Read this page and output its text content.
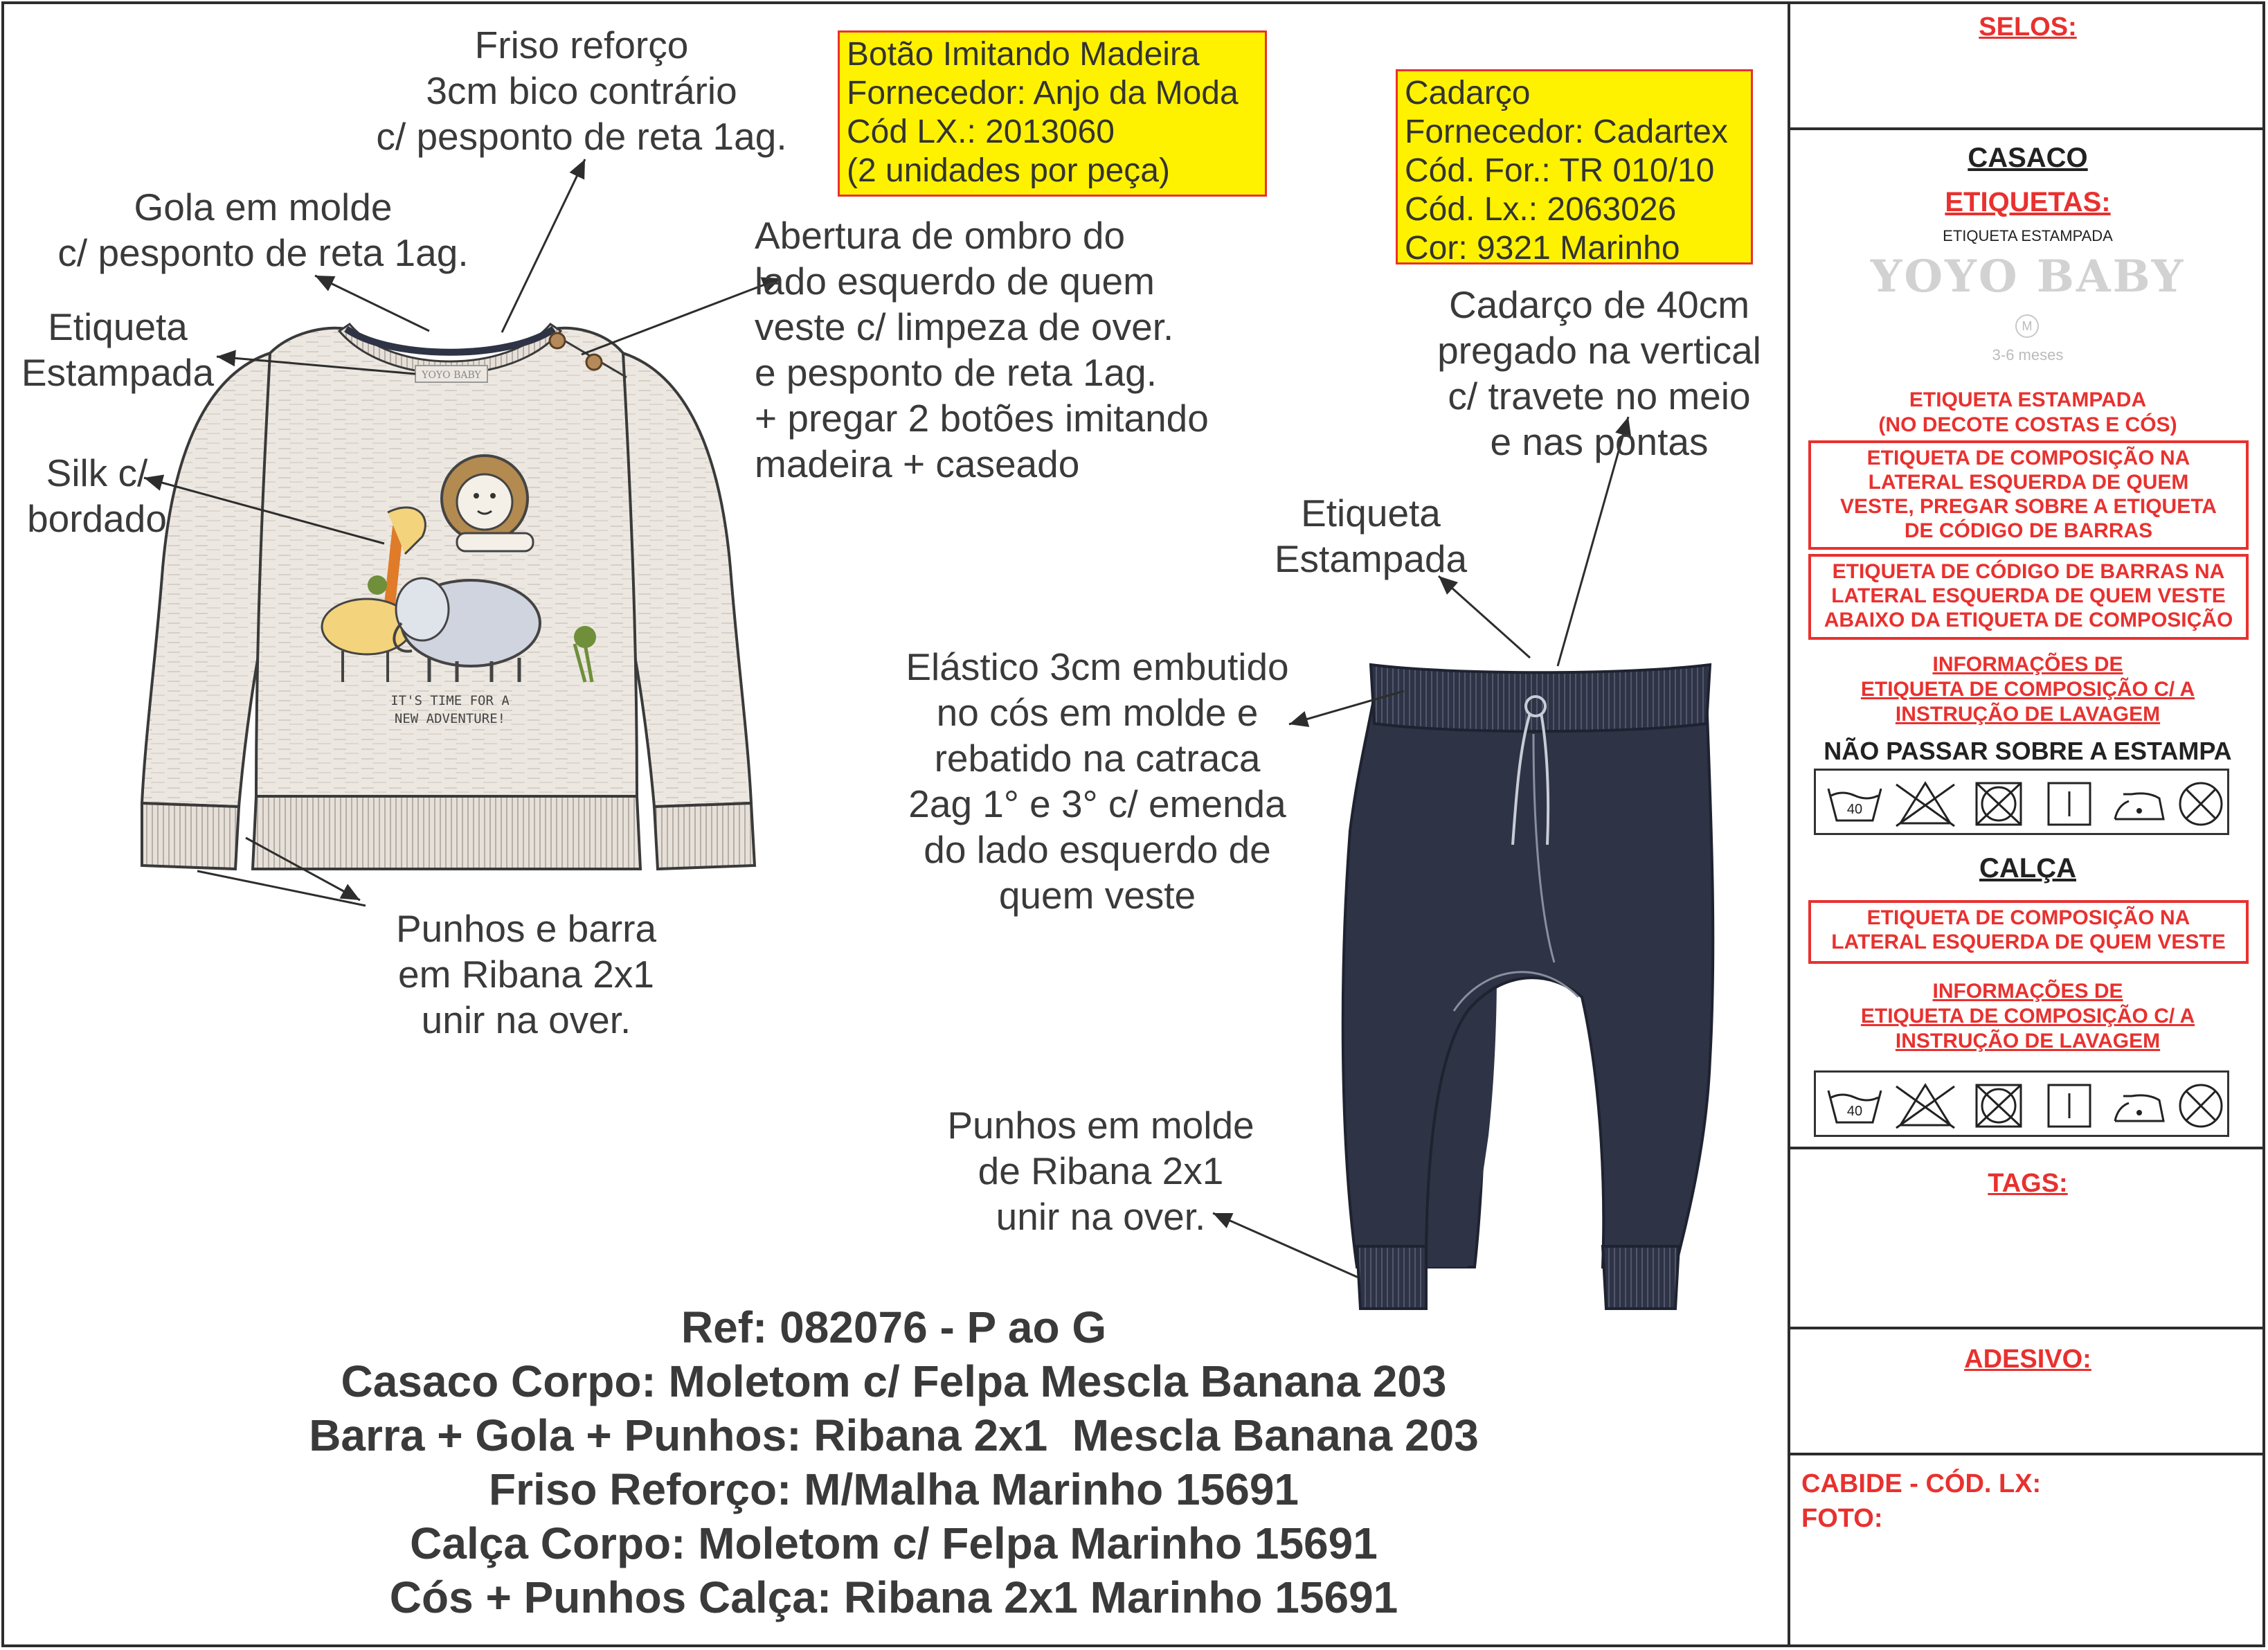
YOYO BABY
IT'S TIME FOR A
NEW ADVENTURE!
Friso reforço
3cm bico contrário
c/ pesponto de reta 1ag.
Gola em molde
c/ pesponto de reta 1ag.
Etiqueta
Estampada
Silk c/
bordado
Abertura de ombro do
lado esquerdo de quem
veste c/ limpeza de over.
e pesponto de reta 1ag.
+ pregar 2 botões imitando
madeira + caseado
Punhos e barra
em Ribana 2x1
unir na over.
Cadarço de 40cm
pregado na vertical
c/ travete no meio
e nas pontas
Etiqueta
Estampada
Elástico 3cm embutido
no cós em molde e
rebatido na catraca
2ag 1° e 3° c/ emenda
do lado esquerdo de
quem veste
Punhos em molde
de Ribana 2x1
unir na over.
Botão Imitando Madeira
Fornecedor: Anjo da Moda
Cód LX.: 2013060
(2 unidades por peça)
Cadarço
Fornecedor: Cadartex
Cód. For.: TR 010/10
Cód. Lx.: 2063026
Cor: 9321 Marinho
Ref: 082076 - P ao G
Casaco Corpo: Moletom c/ Felpa Mescla Banana 203
Barra + Gola + Punhos: Ribana 2x1  Mescla Banana 203
Friso Reforço: M/Malha Marinho 15691
Calça Corpo: Moletom c/ Felpa Marinho 15691
Cós + Punhos Calça: Ribana 2x1 Marinho 15691
SELOS:
CASACO
ETIQUETAS:
ETIQUETA ESTAMPADA
YOYO BABY
M
3-6 meses
ETIQUETA ESTAMPADA
(NO DECOTE COSTAS E CÓS)
ETIQUETA DE COMPOSIÇÃO NA
LATERAL ESQUERDA DE QUEM
VESTE, PREGAR SOBRE A ETIQUETA
DE CÓDIGO DE BARRAS
ETIQUETA DE CÓDIGO DE BARRAS NA
LATERAL ESQUERDA DE QUEM VESTE
ABAIXO DA ETIQUETA DE COMPOSIÇÃO
INFORMAÇÕES DE
ETIQUETA DE COMPOSIÇÃO C/ A
INSTRUÇÃO DE LAVAGEM
NÃO PASSAR SOBRE A ESTAMPA
40
CALÇA
ETIQUETA DE COMPOSIÇÃO NA
LATERAL ESQUERDA DE QUEM VESTE
INFORMAÇÕES DE
ETIQUETA DE COMPOSIÇÃO C/ A
INSTRUÇÃO DE LAVAGEM
40
TAGS:
ADESIVO:
CABIDE - CÓD. LX:
FOTO:
